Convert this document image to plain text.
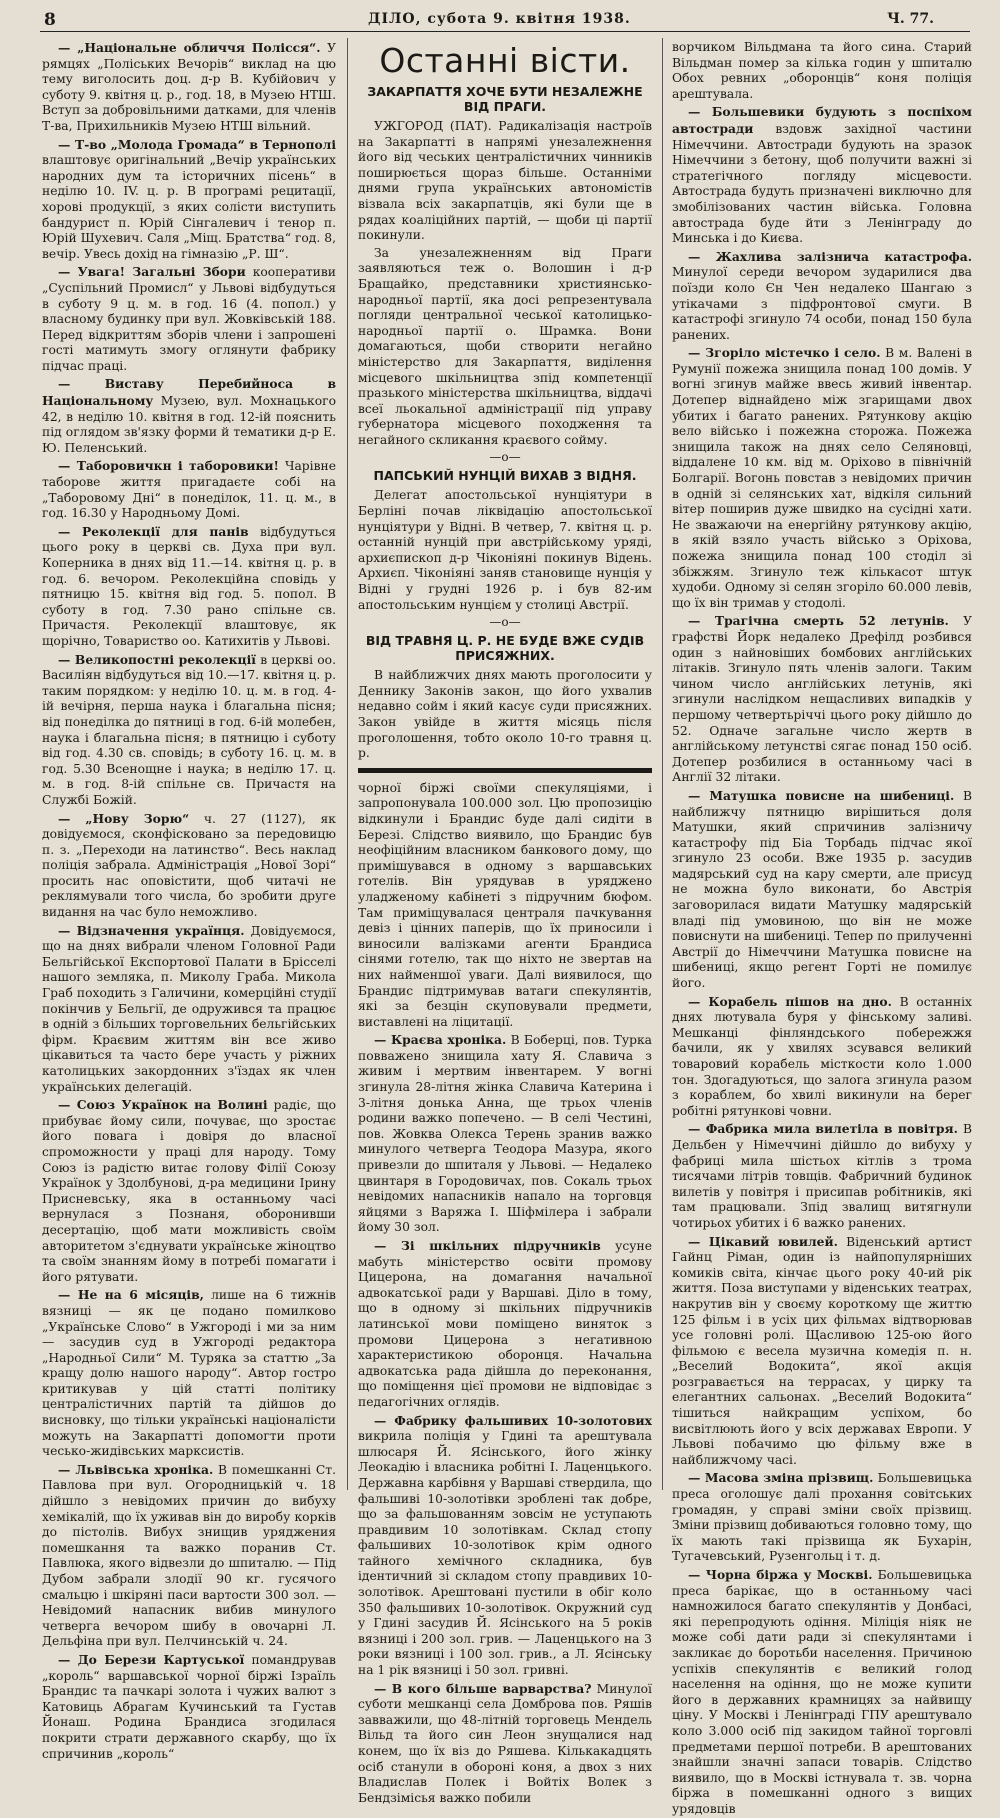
8	ДІЛО, субота 9. квітня 1938.	Ч. 77.

— „Національне обличчя Полісся“. У рямцях „Поліських Вечорів“ виклад на цю тему виголосить доц. д-р В. Кубійович у суботу 9. квітня ц. р., год. 18, в Музею НТШ. Вступ за добровільними датками, для членів Т-ва, Прихильників Музею НТШ вільний.

— Т-во „Молода Громада“ в Тернополі влаштовує оригінальний „Вечір українських народних дум та історичних пісень“ в неділю 10. IV. ц. р. В програмі рецитації, хорові продукції, з яких солісти виступить бандурист п. Юрій Сінгалевич і тенор п. Юрій Шухевич. Саля „Міщ. Братства“ год. 8, вечір. Увесь дохід на гімназію „Р. Ш“.

— Увага! Загальні Збори кооперативи „Суспільний Промисл“ у Львові відбудуться в суботу 9 ц. м. в год. 16 (4. попол.) у власному будинку при вул. Жовківській 188. Перед відкриттям зборів члени і запрошені гості матимуть змогу оглянути фабрику підчас праці.

— Виставу Перебийноса в Національному Музею, вул. Мохнацького 42, в неділю 10. квітня в год. 12-ій пояснить під оглядом зв'язку форми й тематики д-р Е. Ю. Пеленський.

— Таборовичкн і таборовики! Чарівне таборове життя пригадаєте собі на „Таборовому Дні“ в понеділок, 11. ц. м., в год. 16.30 у Народньому Домі.

— Реколекції для панів відбудуться цього року в церкві св. Духа при вул. Коперника в днях від 11.—14. квітня ц. р. в год. 6. вечором. Реколекційна сповідь у пятницю 15. квітня від год. 5. попол. В суботу в год. 7.30 рано спільне св. Причастя. Реколекції влаштовує, як щорічно, Товариство оо. Катихитів у Львові.

— Великопостні реколекції в церкві оо. Василіян відбудуться від 10.—17. квітня ц. р. таким порядком: у неділю 10. ц. м. в год. 4-ій вечірня, перша наука і благальна пісня; від понеділка до пятниці в год. 6-ій молебен, наука і благальна пісня; в пятницю і суботу від год. 4.30 св. сповідь; в суботу 16. ц. м. в год. 5.30 Всенощне і наука; в неділю 17. ц. м. в год. 8-ій спільне св. Причастя на Службі Божій.

— „Нову Зорю“ ч. 27 (1127), як довідуємося, сконфісковано за передовицю п. з. „Переходи на латинство“. Весь наклад поліція забрала. Адміністрація „Нової Зорі“ просить нас оповістити, щоб читачі не реклямували того числа, бо зробити друге видання на час було неможливо.

— Відзначення українця. Довідуємося, що на днях вибрали членом Головної Ради Бельгійської Експортової Палати в Брісселі нашого земляка, п. Миколу Граба. Микола Граб походить з Галичини, комерційні студії покінчив у Бельгії, де одружився та працює в одній з більших торговельних бельгійських фірм. Краєвим життям він все живо цікавиться та часто бере участь у ріжних католицьких закордонних з'їздах як член українських делегацій.

— Союз Українок на Волині радіє, що прибуває йому сили, почуває, що зростає його повага і довіря до власної спроможности у праці для народу. Тому Союз із радістю витає голову Філії Союзу Українок у Здолбунові, д-ра медицини Ірину Присневську, яка в останньому часі вернулася з Познаня, оборонивши десертацію, щоб мати можливість своїм авторитетом з'єднувати українське жіноцтво та своїм знанням йому в потребі помагати і його рятувати.

— Не на 6 місяців, лише на 6 тижнів вязниці — як це подано помилково „Українське Слово“ в Ужгороді і ми за ним — засудив суд в Ужгороді редактора „Народньої Сили“ М. Туряка за статтю „За кращу долю нашого народу“. Автор гостро критикував у цій статті політику централістичних партій та дійшов до висновку, що тільки українські націоналісти можуть на Закарпатті допомогти проти чесько-жидівських марксистів.

— Львівська хроніка. В помешканні Ст. Павлова при вул. Огородницькій ч. 18 дійшло з невідомих причин до вибуху хемікалій, що їх уживав він до виробу корків до пістолів. Вибух знищив уряджения помешкання та важко поранив Ст. Павлюка, якого відвезли до шпиталю. — Під Дубом забрали злодії 90 кг. гусячого смальцю і шкіряні паси вартости 300 зол. — Невідомий напасник вибив минулого четверга вечором шибу в овочарні Л. Дельфіна при вул. Пелчинській ч. 24.

— До Берези Картуської помандрував „король“ варшавської чорної біржі Ізраїль Брандис та пачкарі золота і чужих валют з Катовиць Абрагам Кучинський та Густав Йонаш. Родина Брандиса згодилася покрити страти державного скарбу, що їх спричинив „король“

Останні вісти.
ЗАКАРПАТТЯ ХОЧЕ БУТИ НЕЗАЛЕЖНЕ ВІД ПРАГИ.

УЖГОРОД (ПАТ). Радикалізація настроїв на Закарпатті в напрямі унезалежнення його від чеських централістичних чинників поширюється щораз більше. Останніми днями група українських автономістів візвала всіх закарпатців, які були ще в рядах коаліційних партій, — щоби ці партії покинули.

За унезалежненням від Праги заявляються теж о. Волошин і д-р Бращайко, представники християнсько-народньої партії, яка досі репрезентувала погляди центральної чеської католицько-народньої партії о. Шрамка. Вони домагаються, щоби створити негайно міністерство для Закарпаття, виділення місцевого шкільництва зпід компетенції празького міністерства шкільництва, віддачі всеї льокальної адміністрації під управу губернатора місцевого походження та негайного скликання краєвого сойму.

—о—
ПАПСЬКИЙ НУНЦІЙ ВИХАВ З ВІДНЯ.

Делегат апостольської нунціятури в Берліні почав ліквідацію апостольської нунціятури у Відні. В четвер, 7. квітня ц. р. останній нунцій при австрійському уряді, архиєпископ д-р Чіконіяні покинув Відень. Архиєп. Чіконіяні заняв становище нунція у Відні у грудні 1926 р. і був 82-им апостольським нунцієм у столиці Австрії.

—о—
ВІД ТРАВНЯ Ц. Р. НЕ БУДЕ ВЖЕ СУДІВ ПРИСЯЖНИХ.

В найближчих днях мають проголосити у Деннику Законів закон, що його ухвалив недавно сойм і який касує суди присяжних. Закон увійде в життя місяць після проголошення, тобто около 10-го травня ц. р.

чорної біржі своїми спекуляціями, і запропонувала 100.000 зол. Цю пропозицію відкинули і Брандис буде далі сидіти в Березі. Слідство виявило, що Брандис був неофіційним власником банкового дому, що примішувався в одному з варшавських готелів. Він урядував в уряджено уладженому кабінеті з підручним бюфом. Там приміщувалася централя пачкування девіз і цінних паперів, що їх приносили і виносили валізками агенти Брандиса сінями готелю, так що ніхто не звертав на них найменшої уваги. Далі виявилося, що Брандис підтримував ватаги спекулянтів, які за безцін скуповували предмети, виставлені на ліцитації.

— Краєва хроніка. В Боберці, пов. Турка повважено знищила хату Я. Славича з живим і мертвим інвентарем. У вогні згинула 28-літня жінка Славича Катерина і 3-літня донька Анна, ще трьох членів родини важко попечено. — В селі Честині, пов. Жовква Олекса Терень зранив важко минулого четверга Теодора Мазура, якого привезли до шпиталя у Львові. — Недалеко цвинтаря в Городовичах, пов. Сокаль трьох невідомих напасників напало на торговця яйцями з Варяжа І. Шіфмілера і забрали йому 30 зол.

— Зі шкільних підручників усуне мабуть міністерство освіти промову Цицерона, на домагання начальної адвокатської ради у Варшаві. Діло в тому, що в одному зі шкільних підручників латинської мови поміщено виняток з промови Цицерона з негативною характеристикою оборонця. Начальна адвокатська рада дійшла до переконання, що поміщення цієї промови не відповідає з педагогічних оглядів.

— Фабрику фальшивих 10-золотових викрила поліція у Гдині та арештувала шлюсаря Й. Ясінського, його жінку Леокадію і власника робітні І. Лаценцького. Державна карбівня у Варшаві ствердила, що фальшиві 10-золотівки зроблені так добре, що за фальшованням зовсім не уступають правдивим 10 золотівкам. Склад стопу фальшивих 10-золотівок крім одного тайного хемічного складника, був ідентичний зі складом стопу правдивих 10-золотівок. Арештовані пустили в обіг коло 350 фальшивих 10-золотівок. Окружний суд у Гдині засудив Й. Ясінського на 5 років вязниці і 200 зол. грив. — Лаценцького на 3 роки вязниці і 100 зол. грив., а Л. Ясінську на 1 рік вязниці і 50 зол. гривні.

— В кого більше варварства? Минулої суботи мешканці села Домброва пов. Ряшів завважили, що 48-літній торговець Мендель Вільд та його син Леон знущалися над конем, що їх віз до Ряшева. Кількакадцять осіб станули в обороні коня, а двох з них Владислав Полек і Войтіх Волек з Бендзімісья важко побили

ворчиком Вільдмана та його сина. Старий Вільдман помер за кілька годин у шпиталю Обох ревних „оборонців“ коня поліція арештувала.

— Большевики будують з поспіхом автостради вздовж західної частини Німеччини. Автостради будують на зразок Німеччини з бетону, щоб получити важні зі стратегічного погляду місцевости. Автострада будуть призначені виключно для змобілізованих частин війська. Головна автострада буде йти з Ленінграду до Минська і до Києва.

— Жахлива залізнича катастрофа. Минулої середи вечором зударилися два поїзди коло Єн Чен недалеко Шангаю з утікачами з підфронтової смуги. В катастрофі згинуло 74 особи, понад 150 була ранених.

— Згоріло містечко і село. В м. Валені в Румунії пожежа знищила понад 100 домів. У вогні згинув майже ввесь живий інвентар. Дотепер віднайдено між згарищами двох убитих і багато ранених. Рятункову акцію вело військо і пожежна сторожа. Пожежа знищила також на днях село Селяновці, віддалене 10 км. від м. Оріхово в північній Болгарії. Вогонь повстав з невідомих причин в одній зі селянських хат, відкіля сильний вітер поширив дуже швидко на сусідні хати. Не зважаючи на енергійну рятункову акцію, в якій взяло участь військо з Оріхова, пожежа знищила понад 100 стоділ зі збіжжям. Згинуло теж кількасот штук худоби. Одному зі селян згоріло 60.000 левів, що їх він тримав у стодолі.

— Трагічна смерть 52 летунів. У графстві Йорк недалеко Дрефілд розбився один з найновіших бомбових англійських літаків. Згинуло пять членів залоги. Таким чином число англійських летунів, які згинули наслідком нещасливих випадків у першому четвертьріччі цього року дійшло до 52. Одначе загальне число жертв в англійському летунстві сягає понад 150 осіб. Дотепер розбилися в останньому часі в Англії 32 літаки.

— Матушка повисне на шибениці. В найближчу пятницю вирішиться доля Матушки, який спричинив залізничу катастрофу під Біа Торбадь підчас якої згинуло 23 особи. Вже 1935 р. засудив мадярський суд на кару смерти, але присуд не можна було виконати, бо Австрія заговорилася видати Матушку мадярській владі під умовиною, що він не може повиснути на шибениці. Тепер по прилученні Австрії до Німеччини Матушка повисне на шибениці, якщо регент Горті не помилує його.

— Корабель пішов на дно. В останніх днях лютувала буря у фінському заливі. Мешканці фінляндського побережжя бачили, як у хвилях зсувався великий товаровий корабель місткости коло 1.000 тон. Здогадуються, що залога згинула разом з кораблем, бо хвилі викинули на берег робітні рятункові човни.

— Фабрика мила вилетіла в повітря. В Дельбен у Німеччині дійшло до вибуху у фабриці мила шістьох кітлів з трома тисячами літрів товщів. Фабричний будинок вилетів у повітря і присипав робітників, які там працювали. Зпід звалищ витягнули чотирьох убитих і 6 важко ранених.

— Цікавий ювилей. Віденський артист Гайнц Ріман, один із найпопулярніших комиків світа, кінчає цього року 40-ий рік життя. Поза виступами у віденських театрах, накрутив він у своєму короткому ще життю 125 фільм і в усіх цих фільмах відтворював усе головні ролі. Щасливою 125-ою його фільмою є весела музична комедія п. н. „Веселий Водокита“, якої акція розгравається на террасах, у цирку та елегантних сальонах. „Веселий Водокита“ тішиться найкращим успіхом, бо висвітлюють його у всіх державах Европи. У Львові побачимо цю фільму вже в найближчому часі.

— Масова зміна прізвищ. Большевицька преса оголошує далі прохання совітських громадян, у справі зміни своїх прізвищ. Зміни прізвищ добиваються головно тому, що їх мають такі прізвища як Бухарін, Тугачевський, Рузенгольц і т. д.

— Чорна біржа у Москві. Большевицька преса барікає, що в останньому часі намножилося багато спекулянтів у Донбасі, які перепродують одіння. Міліція ніяк не може собі дати ради зі спекулянтами і закликає до боротьби населення. Причиною успіхів спекулянтів є великий голод населення на одіння, що не може купити його в державних крамницях за найвищу ціну. У Москві і Ленінграді ГПУ арештувало коло 3.000 осіб під закидом тайної торговлі предметами першої потреби. В арештованих знайшли значні запаси товарів. Слідство виявило, що в Москві істнувала т. зв. чорна біржа в помешканні одного з вищих урядовців
